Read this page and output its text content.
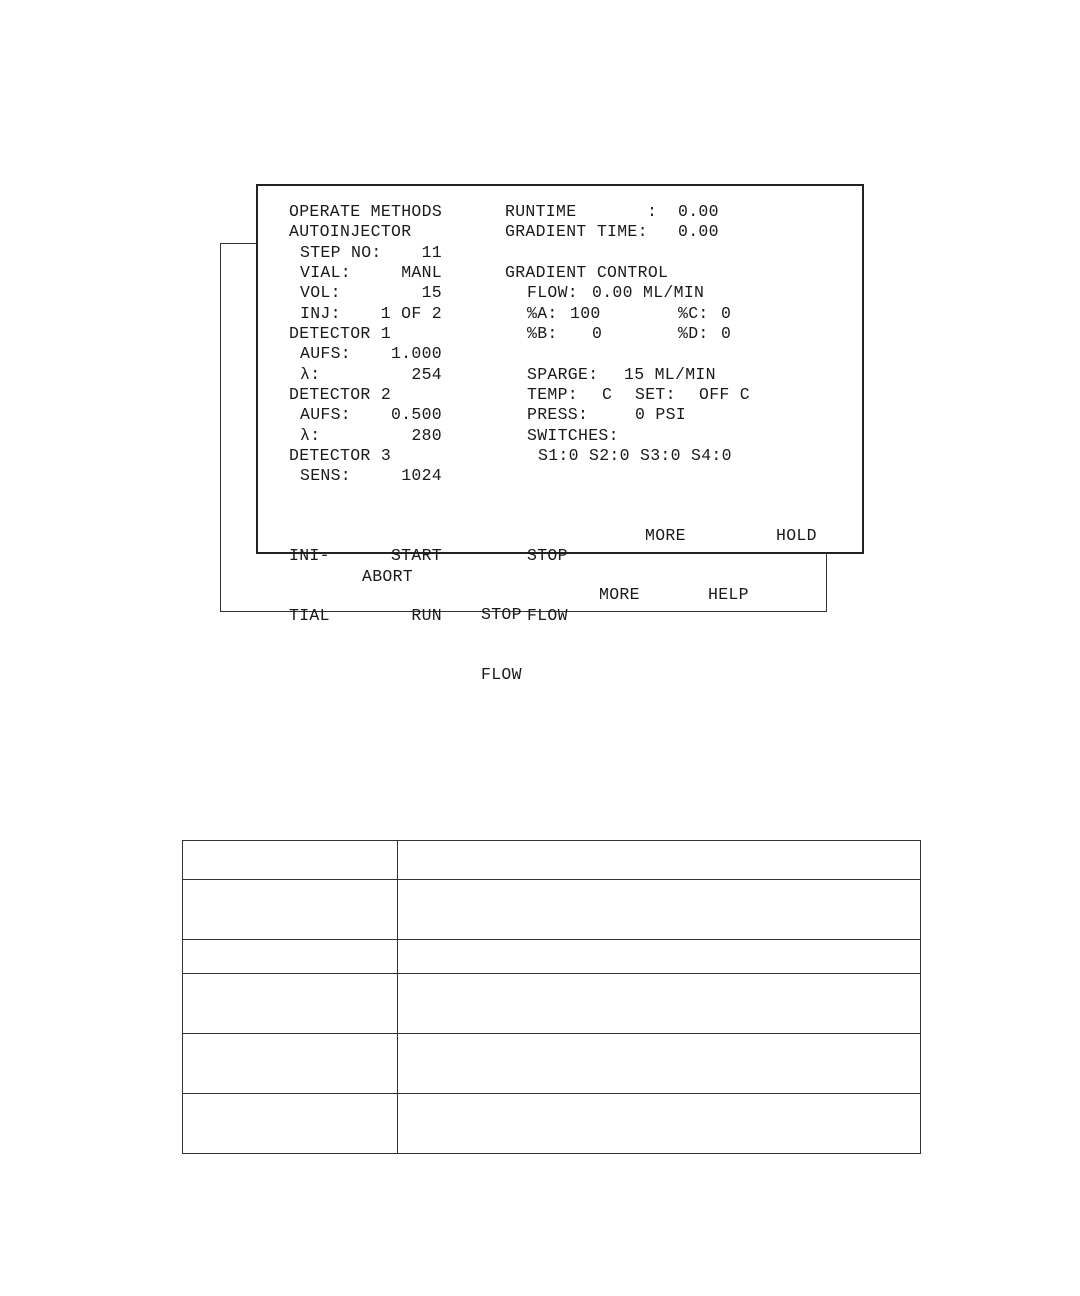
ABORT

STOP

FLOW

MORE	HELP
OPERATE METHODS
AUTOINJECTOR
STEP NO: 11
VIAL:	MANL
VOL:	15
INJ:	1 OF 2
DETECTOR 1
AUFS:	1.000
λ:	254
DETECTOR 2
AUFS:	0.500
λ:	280
DETECTOR 3
SENS:	1024
RUNTIME	: 0.00
GRADIENT TIME: 0.00
GRADIENT CONTROL
FLOW: 0.00 ML/MIN
%A: 100	%C: 0
%B: 0	%D: 0
SPARGE: 15 ML/MIN
TEMP: C SET: OFF C
PRESS:	0 PSI
SWITCHES:
S1:0 S2:0 S3:0 S4:0

INI-

TIAL

START

RUN

STOP

FLOW

MORE	HOLD
